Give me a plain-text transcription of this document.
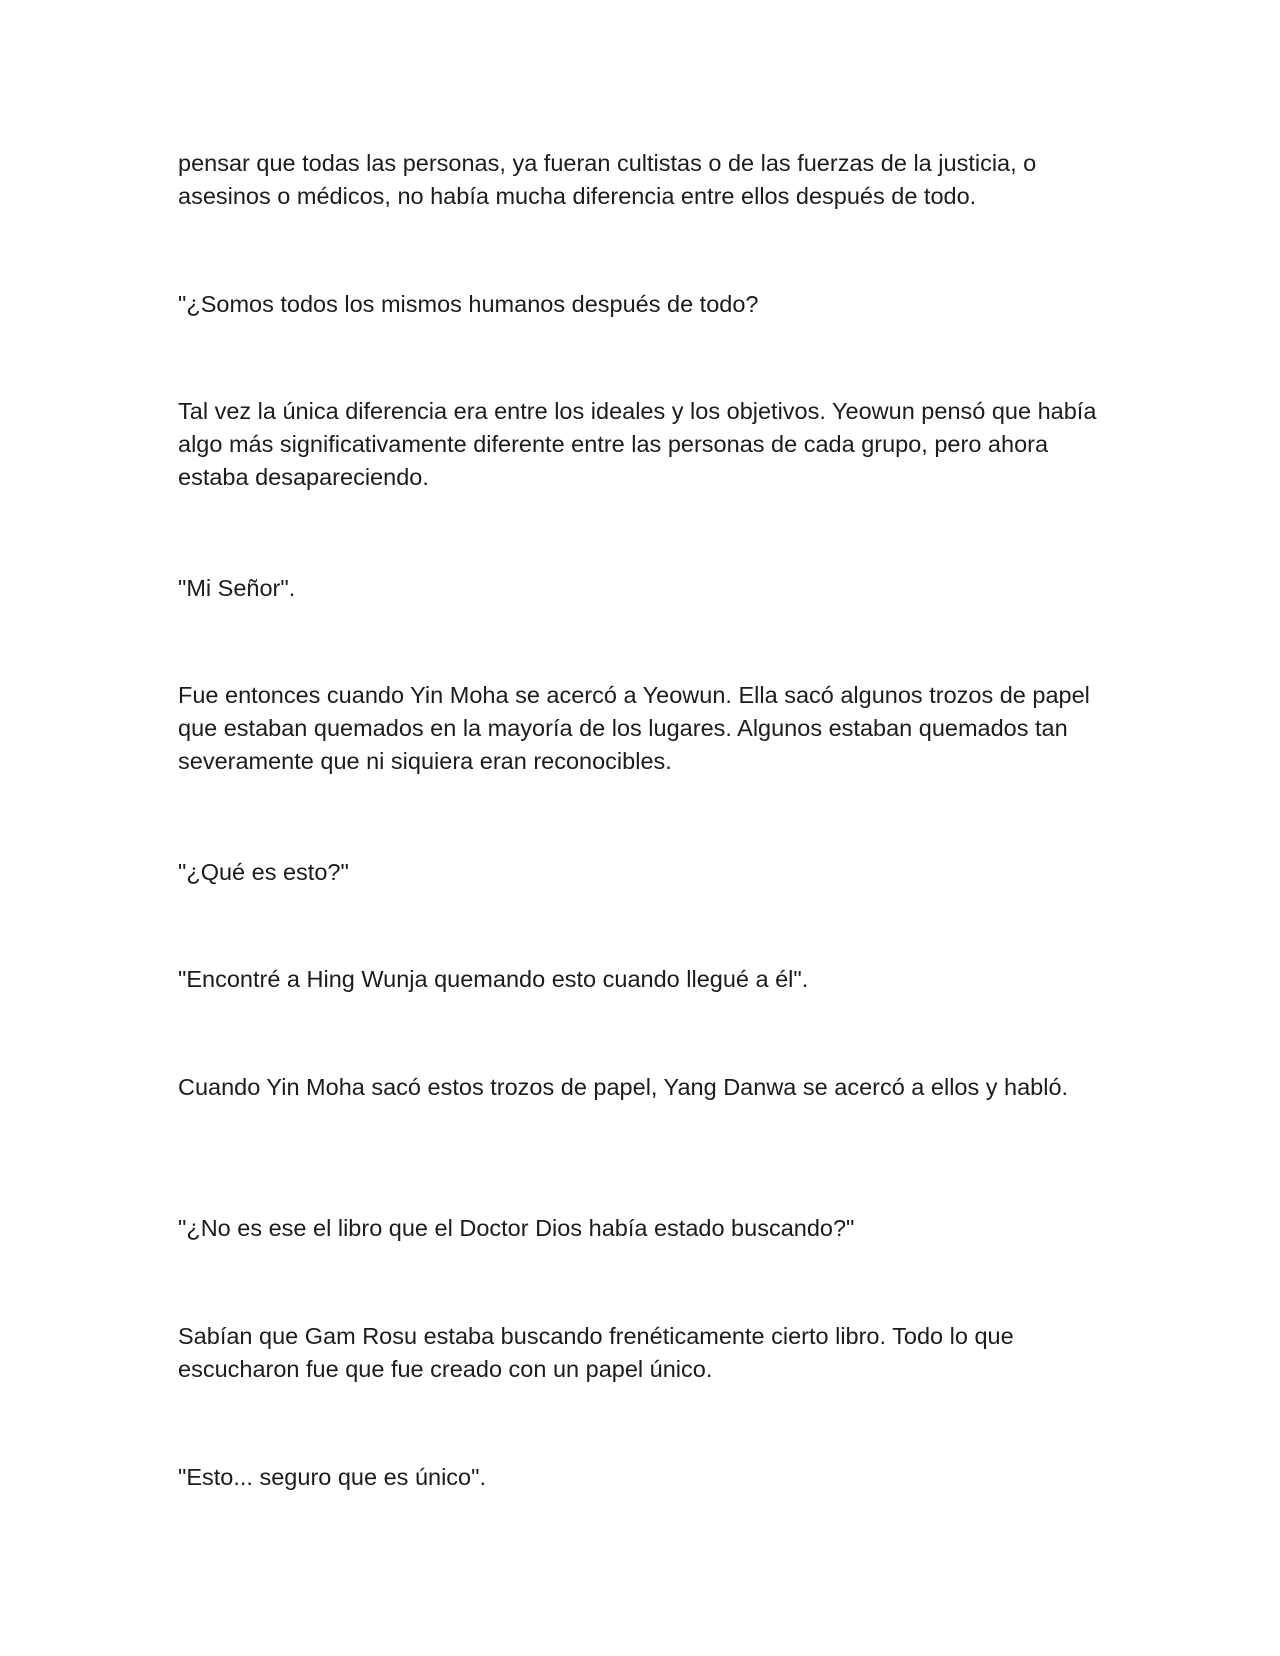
pensar que todas las personas, ya fueran cultistas o de las fuerzas de la justicia, o asesinos o médicos, no había mucha diferencia entre ellos después de todo.

"¿Somos todos los mismos humanos después de todo?

Tal vez la única diferencia era entre los ideales y los objetivos. Yeowun pensó que había algo más significativamente diferente entre las personas de cada grupo, pero ahora estaba desapareciendo.

"Mi Señor".

Fue entonces cuando Yin Moha se acercó a Yeowun. Ella sacó algunos trozos de papel que estaban quemados en la mayoría de los lugares. Algunos estaban quemados tan severamente que ni siquiera eran reconocibles.

"¿Qué es esto?"

"Encontré a Hing Wunja quemando esto cuando llegué a él".

Cuando Yin Moha sacó estos trozos de papel, Yang Danwa se acercó a ellos y habló.

"¿No es ese el libro que el Doctor Dios había estado buscando?"

Sabían que Gam Rosu estaba buscando frenéticamente cierto libro. Todo lo que escucharon fue que fue creado con un papel único.

"Esto... seguro que es único".
